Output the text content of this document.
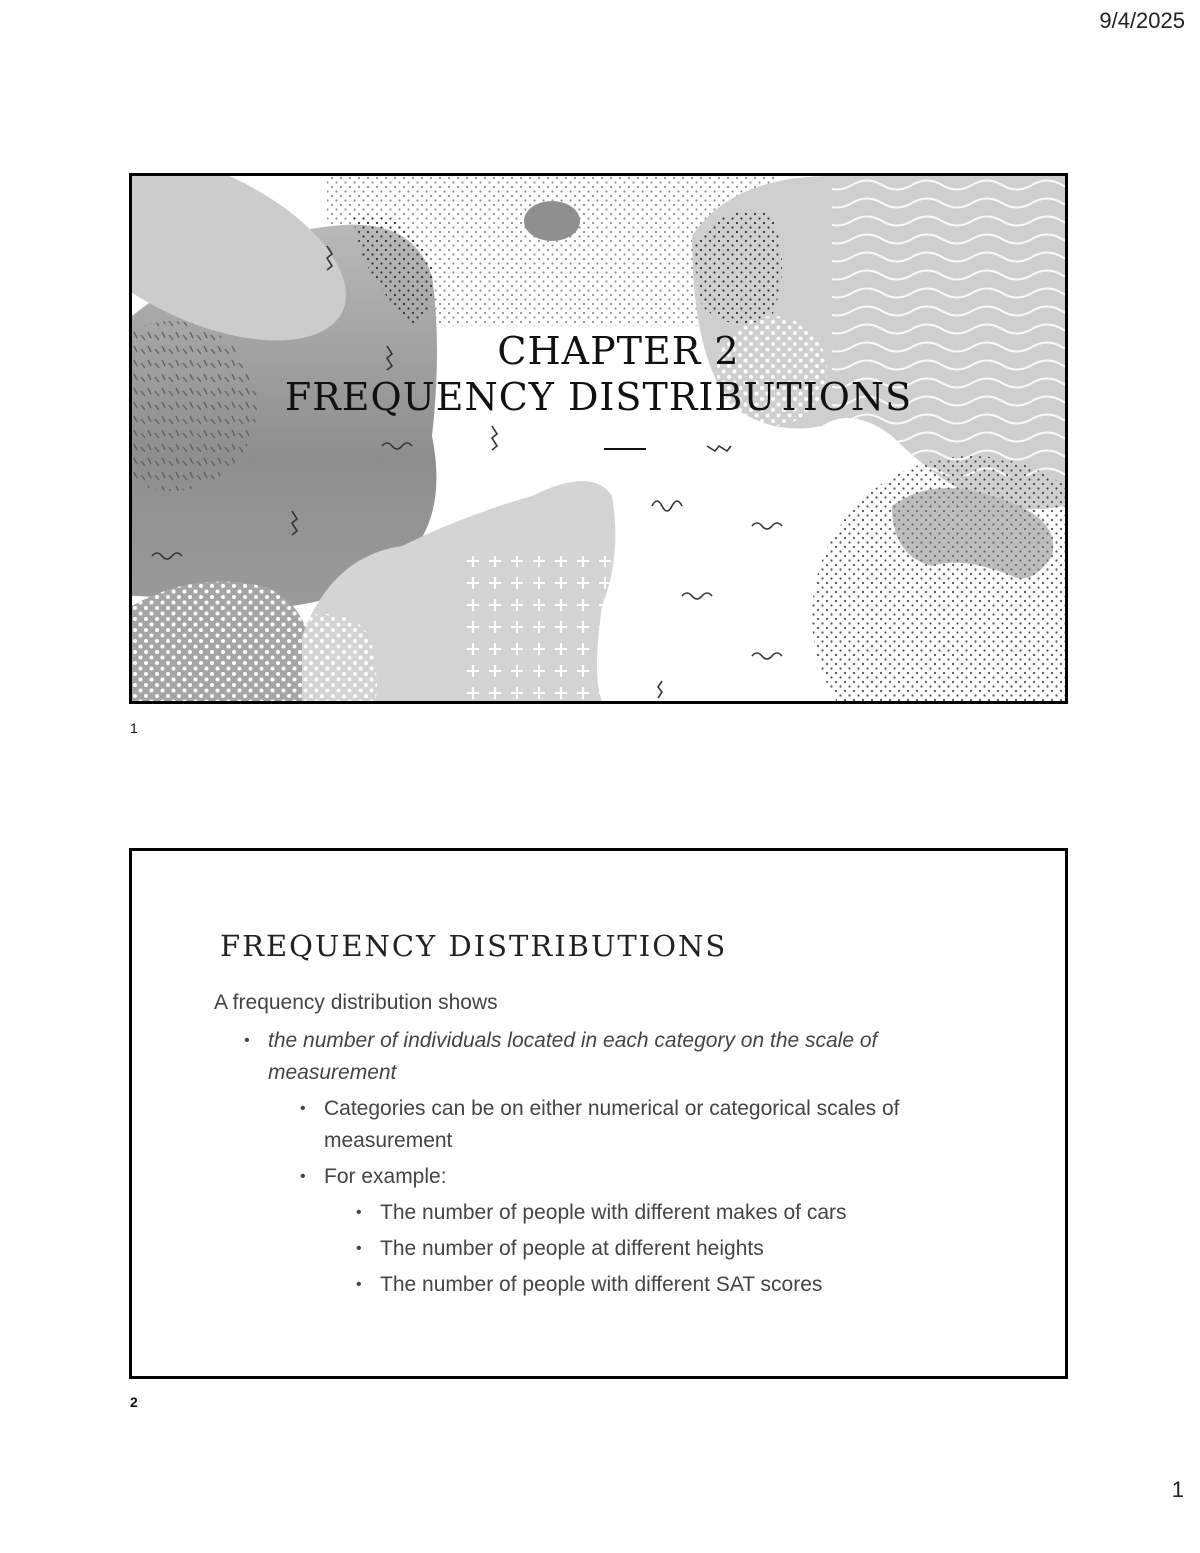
9/4/2025
CHAPTER 2
FREQUENCY DISTRIBUTIONS
1
FREQUENCY DISTRIBUTIONS
A frequency distribution shows
• the number of individuals located in each category on the scale of measurement
• Categories can be on either numerical or categorical scales of measurement
• For example:
• The number of people with different makes of cars
• The number of people at different heights
• The number of people with different SAT scores
2
1
